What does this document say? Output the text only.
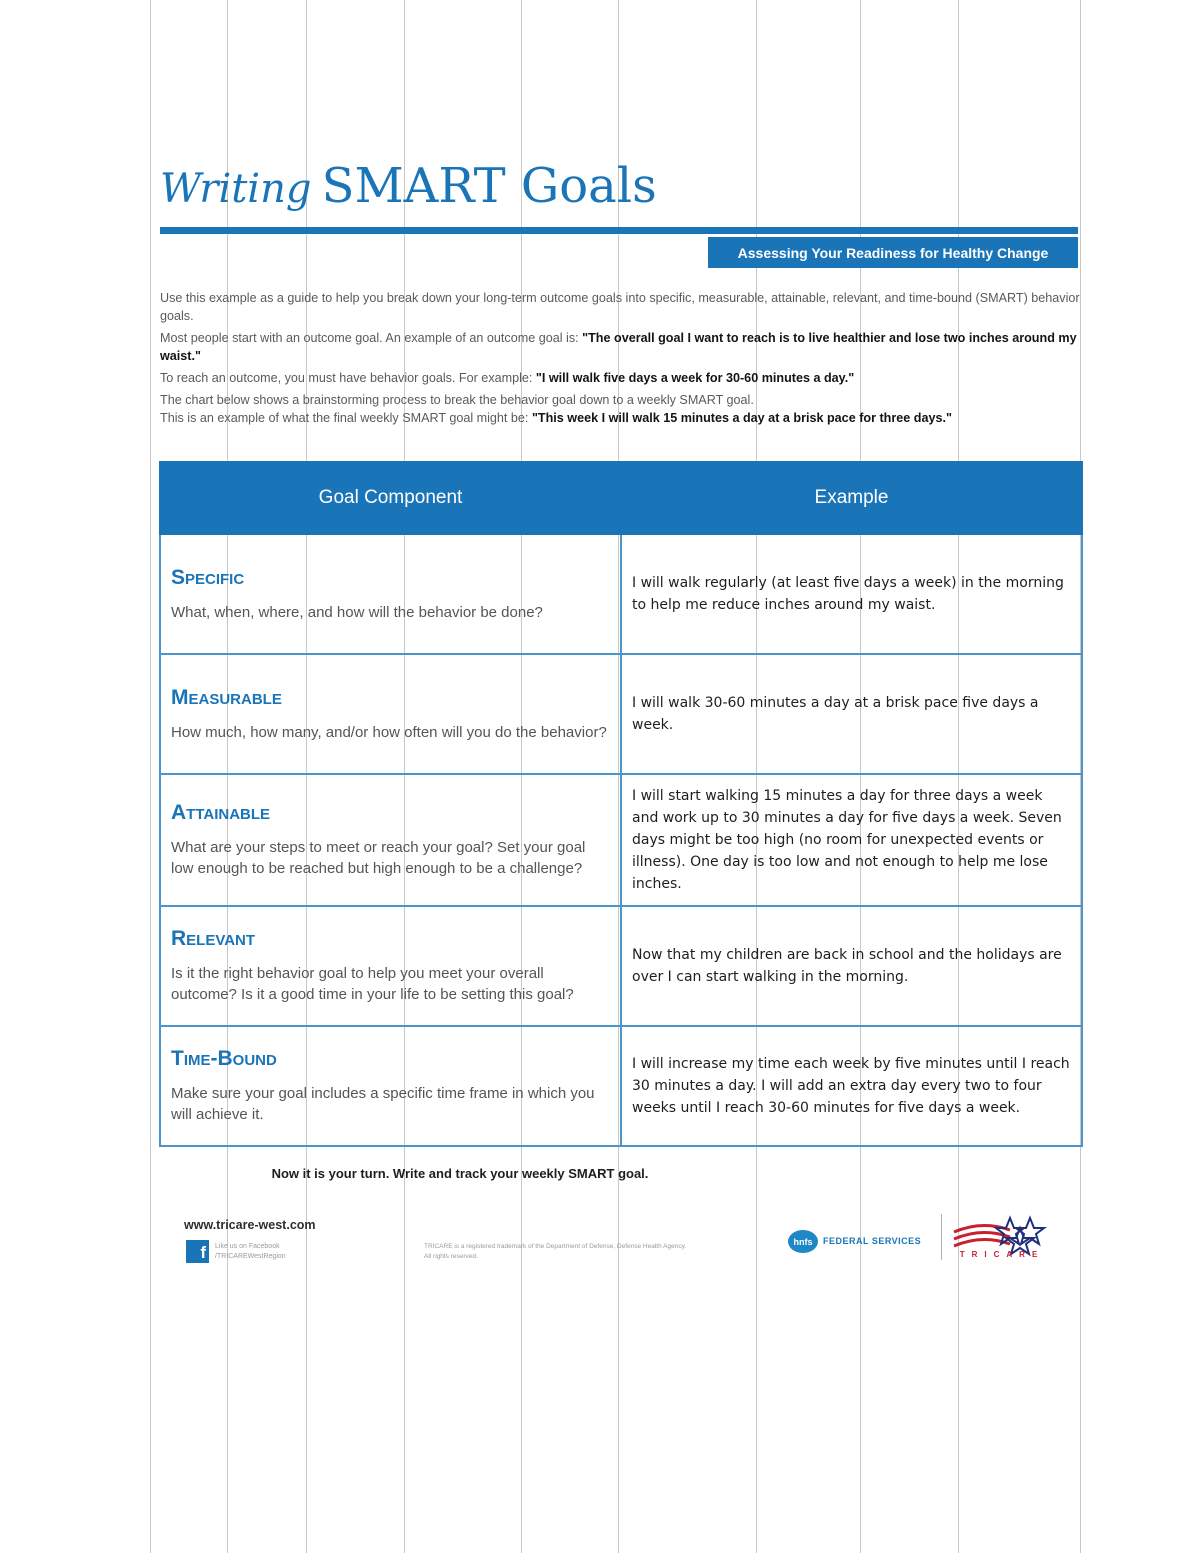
Writing SMART Goals
Assessing Your Readiness for Healthy Change

Use this example as a guide to help you break down your long-term outcome goals into specific, measurable, attainable, relevant, and time-bound (SMART) behavior goals.

Most people start with an outcome goal. An example of an outcome goal is: "The overall goal I want to reach is to live healthier and lose two inches around my waist."

To reach an outcome, you must have behavior goals. For example: "I will walk five days a week for 30-60 minutes a day."

The chart below shows a brainstorming process to break the behavior goal down to a weekly SMART goal.

This is an example of what the final weekly SMART goal might be: "This week I will walk 15 minutes a day at a brisk pace for three days."

Goal Component	Example

Specific
What, when, where, and how will the behavior be done?	I will walk regularly (at least five days a week) in the morning to help me reduce inches around my waist.

Measurable
How much, how many, and/or how often will you do the behavior?	I will walk 30-60 minutes a day at a brisk pace five days a week.

Attainable
What are your steps to meet or reach your goal? Set your goal low enough to be reached but high enough to be a challenge?	I will start walking 15 minutes a day for three days a week and work up to 30 minutes a day for five days a week. Seven days might be too high (no room for unexpected events or illness). One day is too low and not enough to help me lose inches.

Relevant
Is it the right behavior goal to help you meet your overall outcome? Is it a good time in your life to be setting this goal?	Now that my children are back in school and the holidays are over I can start walking in the morning.

Time-Bound
Make sure your goal includes a specific time frame in which you will achieve it.	I will increase my time each week by five minutes until I reach 30 minutes a day. I will add an extra day every two to four weeks until I reach 30-60 minutes for five days a week.
Now it is your turn. Write and track your weekly SMART goal.
www.tricare-west.com
f	Like us on Facebook
/TRICAREWestRegion
TRICARE is a registered trademark of the Department of Defense, Defense Health Agency. All rights reserved.
hnfs	FEDERAL SERVICES
TRICARE
